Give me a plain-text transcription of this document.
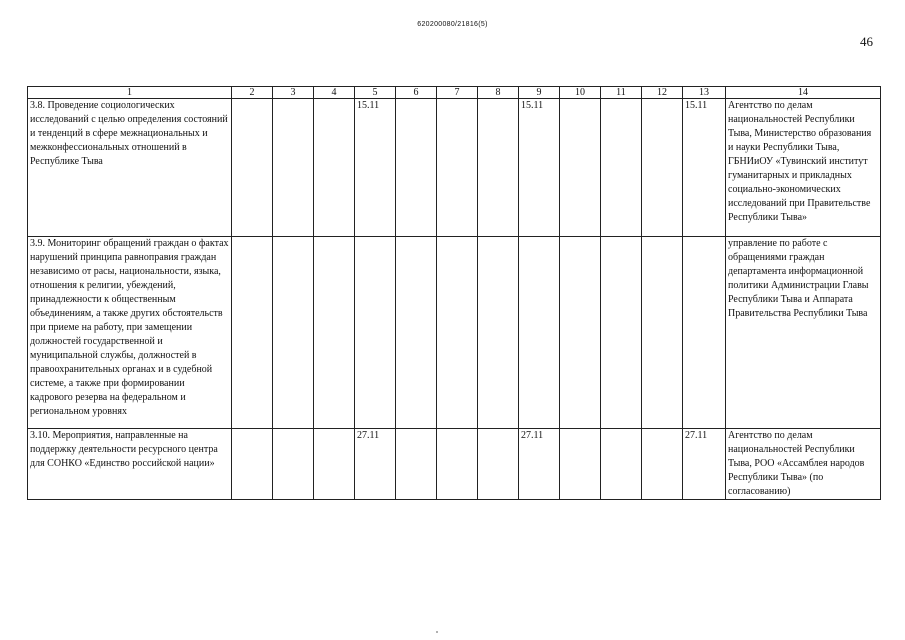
620200080/21816(5)
46
1	2	3	4	5	6	7	8	9	10	11	12	13	14
3.8. Проведение социологических исследований с целью определения состояний и тенденций в сфере межнациональных и межконфессиональных отношений в Республике Тыва				15.11				15.11				15.11	Агентство по делам национальностей Республики Тыва, Министерство образования и науки Республики Тыва, ГБНИиОУ «Тувинский институт гуманитарных и прикладных социально-экономических исследований при Правительстве Республики Тыва»
3.9. Мониторинг обращений граждан о фактах нарушений принципа равноправия граждан независимо от расы, национальности, языка, отношения к религии, убеждений, принадлежности к общественным объединениям, а также других обстоятельств при приеме на работу, при замещении должностей государственной и муниципальной службы, должностей в правоохранительных органах и в судебной системе, а также при формировании кадрового резерва на федеральном и региональном уровнях													управление по работе с обращениями граждан департамента информационной политики Администрации Главы Республики Тыва и Аппарата Правительства Республики Тыва
3.10. Мероприятия, направленные на поддержку деятельности ресурсного центра для СОНКО «Единство российской нации»				27.11				27.11				27.11	Агентство по делам национальностей Республики Тыва, РОО «Ассамблея народов Республики Тыва» (по согласованию)
